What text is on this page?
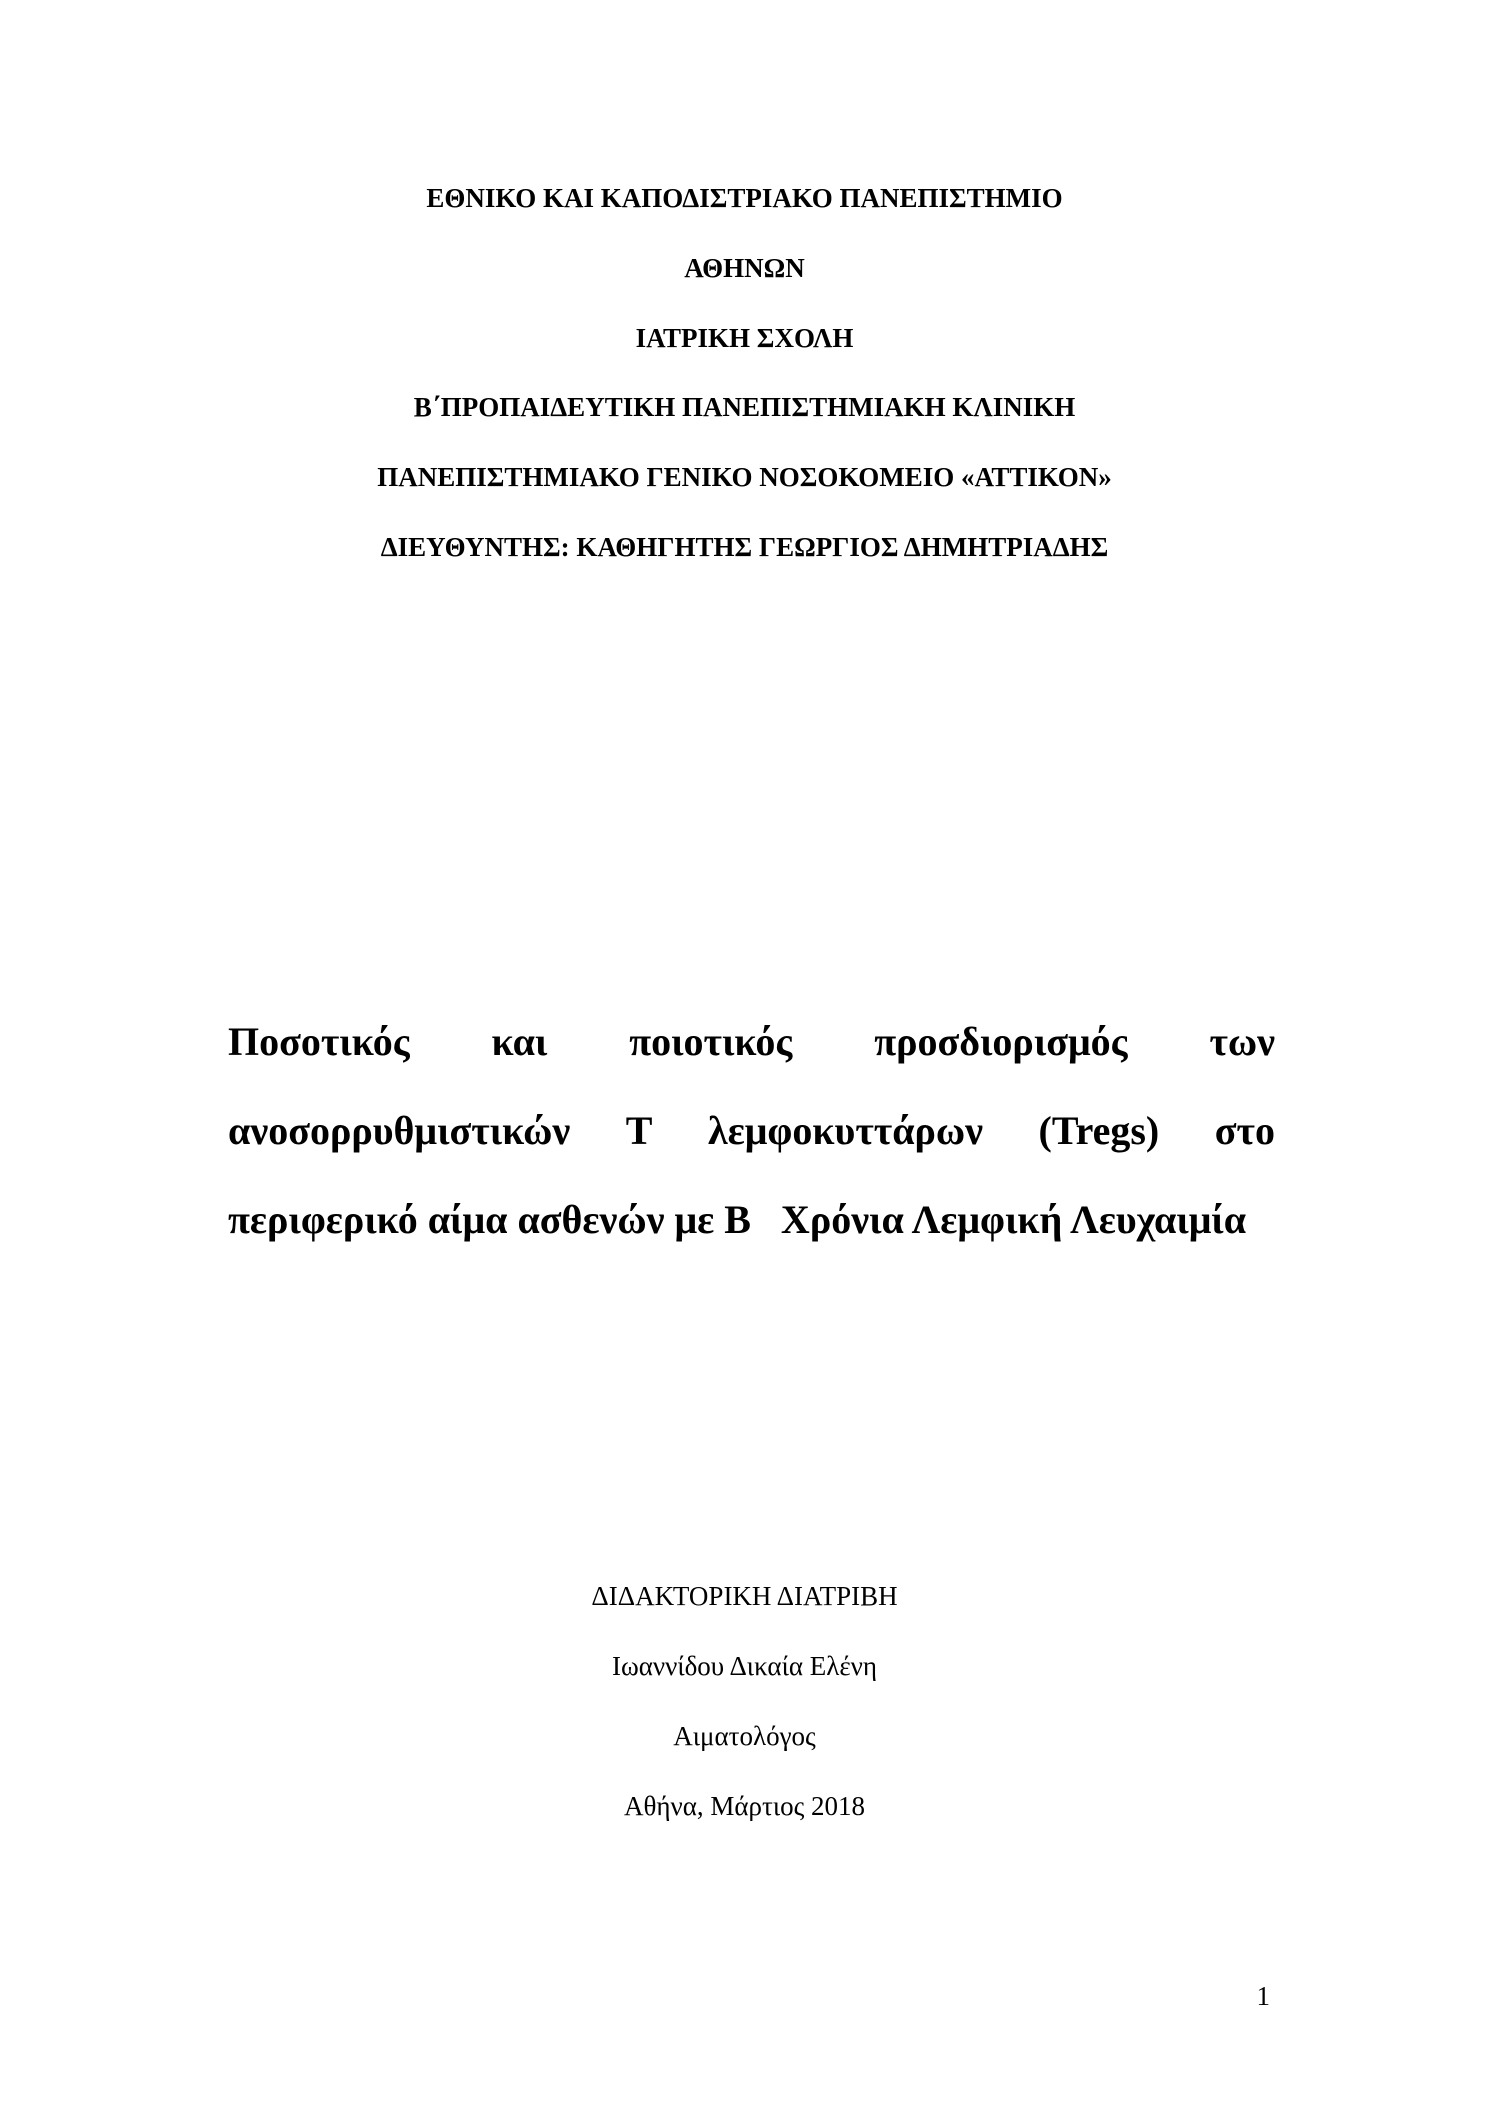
ΕΘΝΙΚΟ ΚΑΙ ΚΑΠΟΔΙΣΤΡΙΑΚΟ ΠΑΝΕΠΙΣΤΗΜΙΟ
ΑΘΗΝΩΝ
ΙΑΤΡΙΚΗ ΣΧΟΛΗ
Β΄ΠΡΟΠΑΙΔΕΥΤΙΚΗ ΠΑΝΕΠΙΣΤΗΜΙΑΚΗ ΚΛΙΝΙΚΗ
ΠΑΝΕΠΙΣΤΗΜΙΑΚΟ ΓΕΝΙΚΟ ΝΟΣΟΚΟΜΕΙΟ «ΑΤΤΙΚΟΝ»
ΔΙΕΥΘΥΝΤΗΣ: ΚΑΘΗΓΗΤΗΣ ΓΕΩΡΓΙΟΣ ΔΗΜΗΤΡΙΑΔΗΣ
Ποσοτικός και ποιοτικός προσδιορισμός των
ανοσορρυθμιστικών Τ λεμφοκυττάρων (Tregs) στο
περιφερικό αίμα ασθενών με Β   Χρόνια Λεμφική Λευχαιμία
ΔΙΔΑΚΤΟΡΙΚΗ ΔΙΑΤΡΙΒΗ
Ιωαννίδου Δικαία Ελένη
Αιματολόγος
Αθήνα, Μάρτιος 2018
1
